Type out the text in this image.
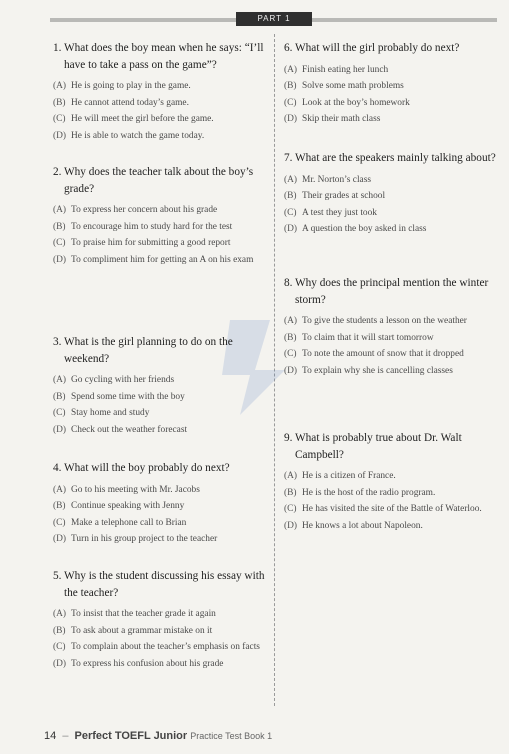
PART 1
1. What does the boy mean when he says: “I’ll have to take a pass on the game”?
(A) He is going to play in the game.
(B) He cannot attend today’s game.
(C) He will meet the girl before the game.
(D) He is able to watch the game today.
2. Why does the teacher talk about the boy’s grade?
(A) To express her concern about his grade
(B) To encourage him to study hard for the test
(C) To praise him for submitting a good report
(D) To compliment him for getting an A on his exam
3. What is the girl planning to do on the weekend?
(A) Go cycling with her friends
(B) Spend some time with the boy
(C) Stay home and study
(D) Check out the weather forecast
4. What will the boy probably do next?
(A) Go to his meeting with Mr. Jacobs
(B) Continue speaking with Jenny
(C) Make a telephone call to Brian
(D) Turn in his group project to the teacher
5. Why is the student discussing his essay with the teacher?
(A) To insist that the teacher grade it again
(B) To ask about a grammar mistake on it
(C) To complain about the teacher’s emphasis on facts
(D) To express his confusion about his grade
6. What will the girl probably do next?
(A) Finish eating her lunch
(B) Solve some math problems
(C) Look at the boy’s homework
(D) Skip their math class
7. What are the speakers mainly talking about?
(A) Mr. Norton’s class
(B) Their grades at school
(C) A test they just took
(D) A question the boy asked in class
8. Why does the principal mention the winter storm?
(A) To give the students a lesson on the weather
(B) To claim that it will start tomorrow
(C) To note the amount of snow that it dropped
(D) To explain why she is cancelling classes
9. What is probably true about Dr. Walt Campbell?
(A) He is a citizen of France.
(B) He is the host of the radio program.
(C) He has visited the site of the Battle of Waterloo.
(D) He knows a lot about Napoleon.
14 – Perfect TOEFL Junior Practice Test Book 1
